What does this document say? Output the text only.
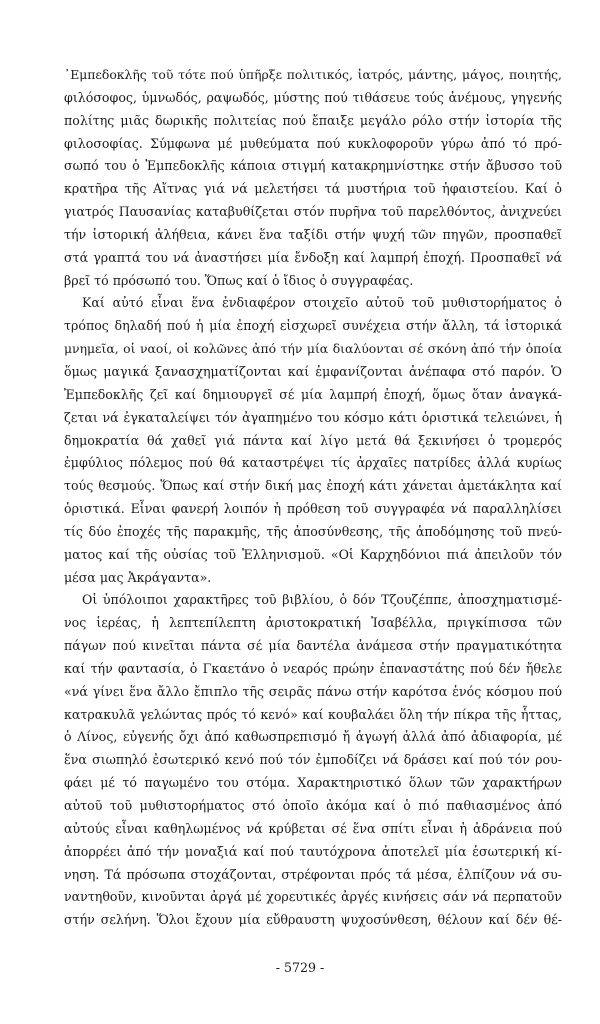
᾿Εμπεδοκλῆς τοῦ τότε πού ὑπῆρξε πολιτικός, ἰατρός, μάντης, μάγος, ποιητής,
φιλόσοφος, ὑμνωδός, ραψωδός, μύστης πού τιθάσευε τούς ἀνέμους, γηγενής
πολίτης μιᾶς δωρικῆς πολιτείας πού ἔπαιξε μεγάλο ρόλο στήν ἱστορία τῆς
φιλοσοφίας. Σύμφωνα μέ μυθεύματα πού κυκλοφοροῦν γύρω ἀπό τό πρό-
σωπό του ὁ Ἐμπεδοκλῆς κάποια στιγμή κατακρημνίστηκε στήν ἄβυσσο τοῦ
κρατῆρα τῆς Αἴτνας γιά νά μελετήσει τά μυστήρια τοῦ ἡφαιστείου. Καί ὁ
γιατρός Παυσανίας καταβυθίζεται στόν πυρῆνα τοῦ παρελθόντος, ἀνιχνεύει
τήν ἱστορική ἀλήθεια, κάνει ἕνα ταξίδι στήν ψυχή τῶν πηγῶν, προσπαθεῖ
στά γραπτά του νά ἀναστήσει μία ἔνδοξη καί λαμπρή ἐποχή. Προσπαθεῖ νά
βρεῖ τό πρόσωπό του. Ὅπως καί ὁ ἴδιος ὁ συγγραφέας.
Καί αὐτό εἶναι ἕνα ἐνδιαφέρον στοιχεῖο αὐτοῦ τοῦ μυθιστορήματος ὁ
τρόπος δηλαδή πού ἡ μία ἐποχή εἰσχωρεῖ συνέχεια στήν ἄλλη, τά ἱστορικά
μνημεῖα, οἱ ναοί, οἱ κολῶνες ἀπό τήν μία διαλύονται σέ σκόνη ἀπό τήν ὁποία
ὅμως μαγικά ξανασχηματίζονται καί ἐμφανίζονται ἀνέπαφα στό παρόν. Ὁ
Ἐμπεδοκλῆς ζεῖ καί δημιουργεῖ σέ μία λαμπρή ἐποχή, ὅμως ὅταν ἀναγκά-
ζεται νά ἐγκαταλείψει τόν ἀγαπημένο του κόσμο κάτι ὁριστικά τελειώνει, ἡ
δημοκρατία θά χαθεῖ γιά πάντα καί λίγο μετά θά ξεκινήσει ὁ τρομερός
ἐμφύλιος πόλεμος πού θά καταστρέψει τίς ἀρχαῖες πατρίδες ἀλλά κυρίως
τούς θεσμούς. Ὅπως καί στήν δική μας ἐποχή κάτι χάνεται ἀμετάκλητα καί
ὁριστικά. Εἶναι φανερή λοιπόν ἡ πρόθεση τοῦ συγγραφέα νά παραλληλίσει
τίς δύο ἐποχές τῆς παρακμῆς, τῆς ἀποσύνθεσης, τῆς ἀποδόμησης τοῦ πνεύ-
ματος καί τῆς οὐσίας τοῦ Ἑλληνισμοῦ. «Οἱ Καρχηδόνιοι πιά ἀπειλοῦν τόν
μέσα μας Ἀκράγαντα».
Οἱ ὑπόλοιποι χαρακτῆρες τοῦ βιβλίου, ὁ δόν Τζουζέππε, ἀποσχηματισμέ-
νος ἱερέας, ἡ λεπτεπίλεπτη ἀριστοκρατική Ἰσαβέλλα, πριγκίπισσα τῶν
πάγων πού κινεῖται πάντα σέ μία δαντέλα ἀνάμεσα στήν πραγματικότητα
καί τήν φαντασία, ὁ Γκαετάνο ὁ νεαρός πρώην ἐπαναστάτης πού δέν ἤθελε
«νά γίνει ἕνα ἄλλο ἔπιπλο τῆς σειρᾶς πάνω στήν καρότσα ἑνός κόσμου πού
κατρακυλᾶ γελώντας πρός τό κενό» καί κουβαλάει ὅλη τήν πίκρα τῆς ἧττας,
ὁ Λίνος, εὐγενής ὄχι ἀπό καθωσπρεπισμό ἤ ἀγωγή ἀλλά ἀπό ἀδιαφορία, μέ
ἕνα σιωπηλό ἐσωτερικό κενό πού τόν ἐμποδίζει νά δράσει καί πού τόν ρου-
φάει μέ τό παγωμένο του στόμα. Χαρακτηριστικό ὅλων τῶν χαρακτήρων
αὐτοῦ τοῦ μυθιστορήματος στό ὁποῖο ἀκόμα καί ὁ πιό παθιασμένος ἀπό
αὐτούς εἶναι καθηλωμένος νά κρύβεται σέ ἕνα σπίτι εἶναι ἡ ἀδράνεια πού
ἀπορρέει ἀπό τήν μοναξιά καί πού ταυτόχρονα ἀποτελεῖ μία ἐσωτερική κί-
νηση. Τά πρόσωπα στοχάζονται, στρέφονται πρός τά μέσα, ἐλπίζουν νά συ-
ναντηθοῦν, κινοῦνται ἀργά μέ χορευτικές ἀργές κινήσεις σάν νά περπατοῦν
στήν σελήνη. Ὅλοι ἔχουν μία εὔθραυστη ψυχοσύνθεση, θέλουν καί δέν θέ-
- 5729 -
